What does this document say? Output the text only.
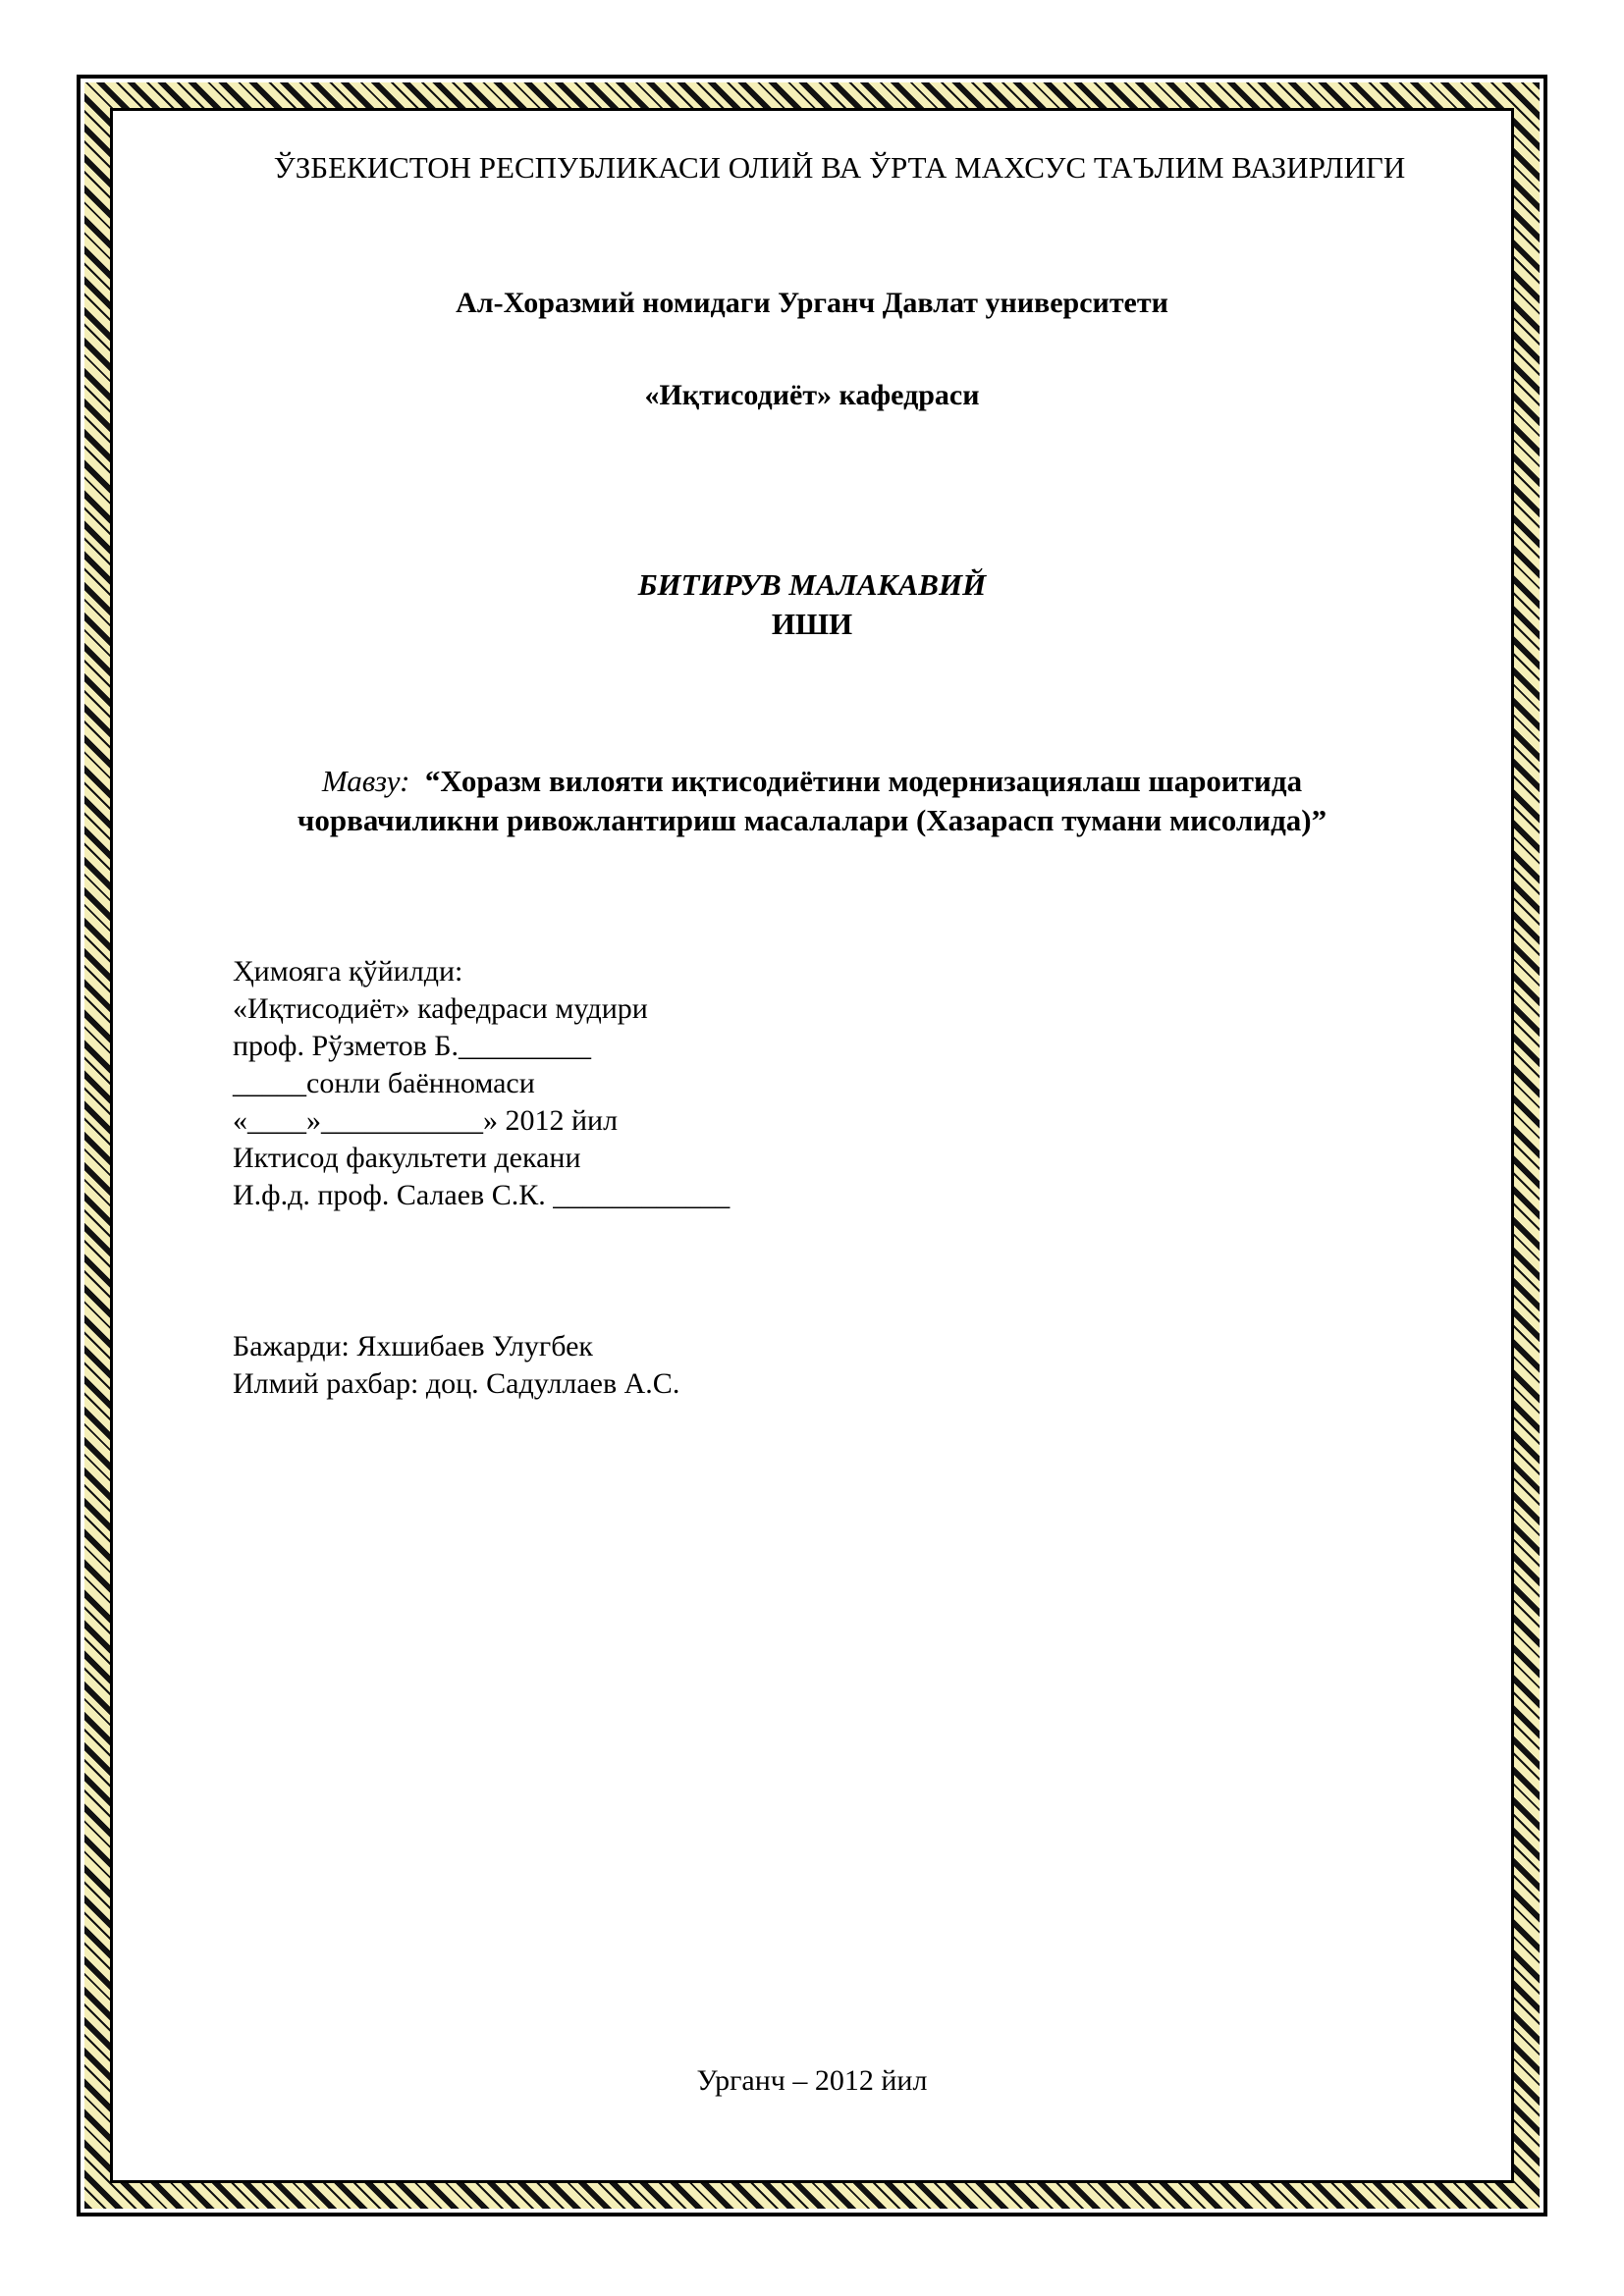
ЎЗБЕКИСТОН РЕСПУБЛИКАСИ ОЛИЙ ВА ЎРТА МАХСУС ТАЪЛИМ ВАЗИРЛИГИ
Ал-Хоразмий номидаги Урганч Давлат университети
«Иқтисодиёт» кафедраси
БИТИРУВ МАЛАКАВИЙ
ИШИ
Мавзу: “Хоразм вилояти иқтисодиётини модернизациялаш шароитида
чорвачиликни ривожлантириш масалалари (Хазарасп тумани мисолида)”
Ҳимояга қўйилди:
«Иқтисодиёт» кафедраси мудири
проф. Рўзметов Б._________
_____сонли баённомаси
«____»___________» 2012 йил
Иктисод факультети декани
И.ф.д. проф. Салаев С.К. ____________
Бажарди: Яхшибаев Улугбек
Илмий рахбар: доц. Садуллаев А.С.
Урганч – 2012 йил
